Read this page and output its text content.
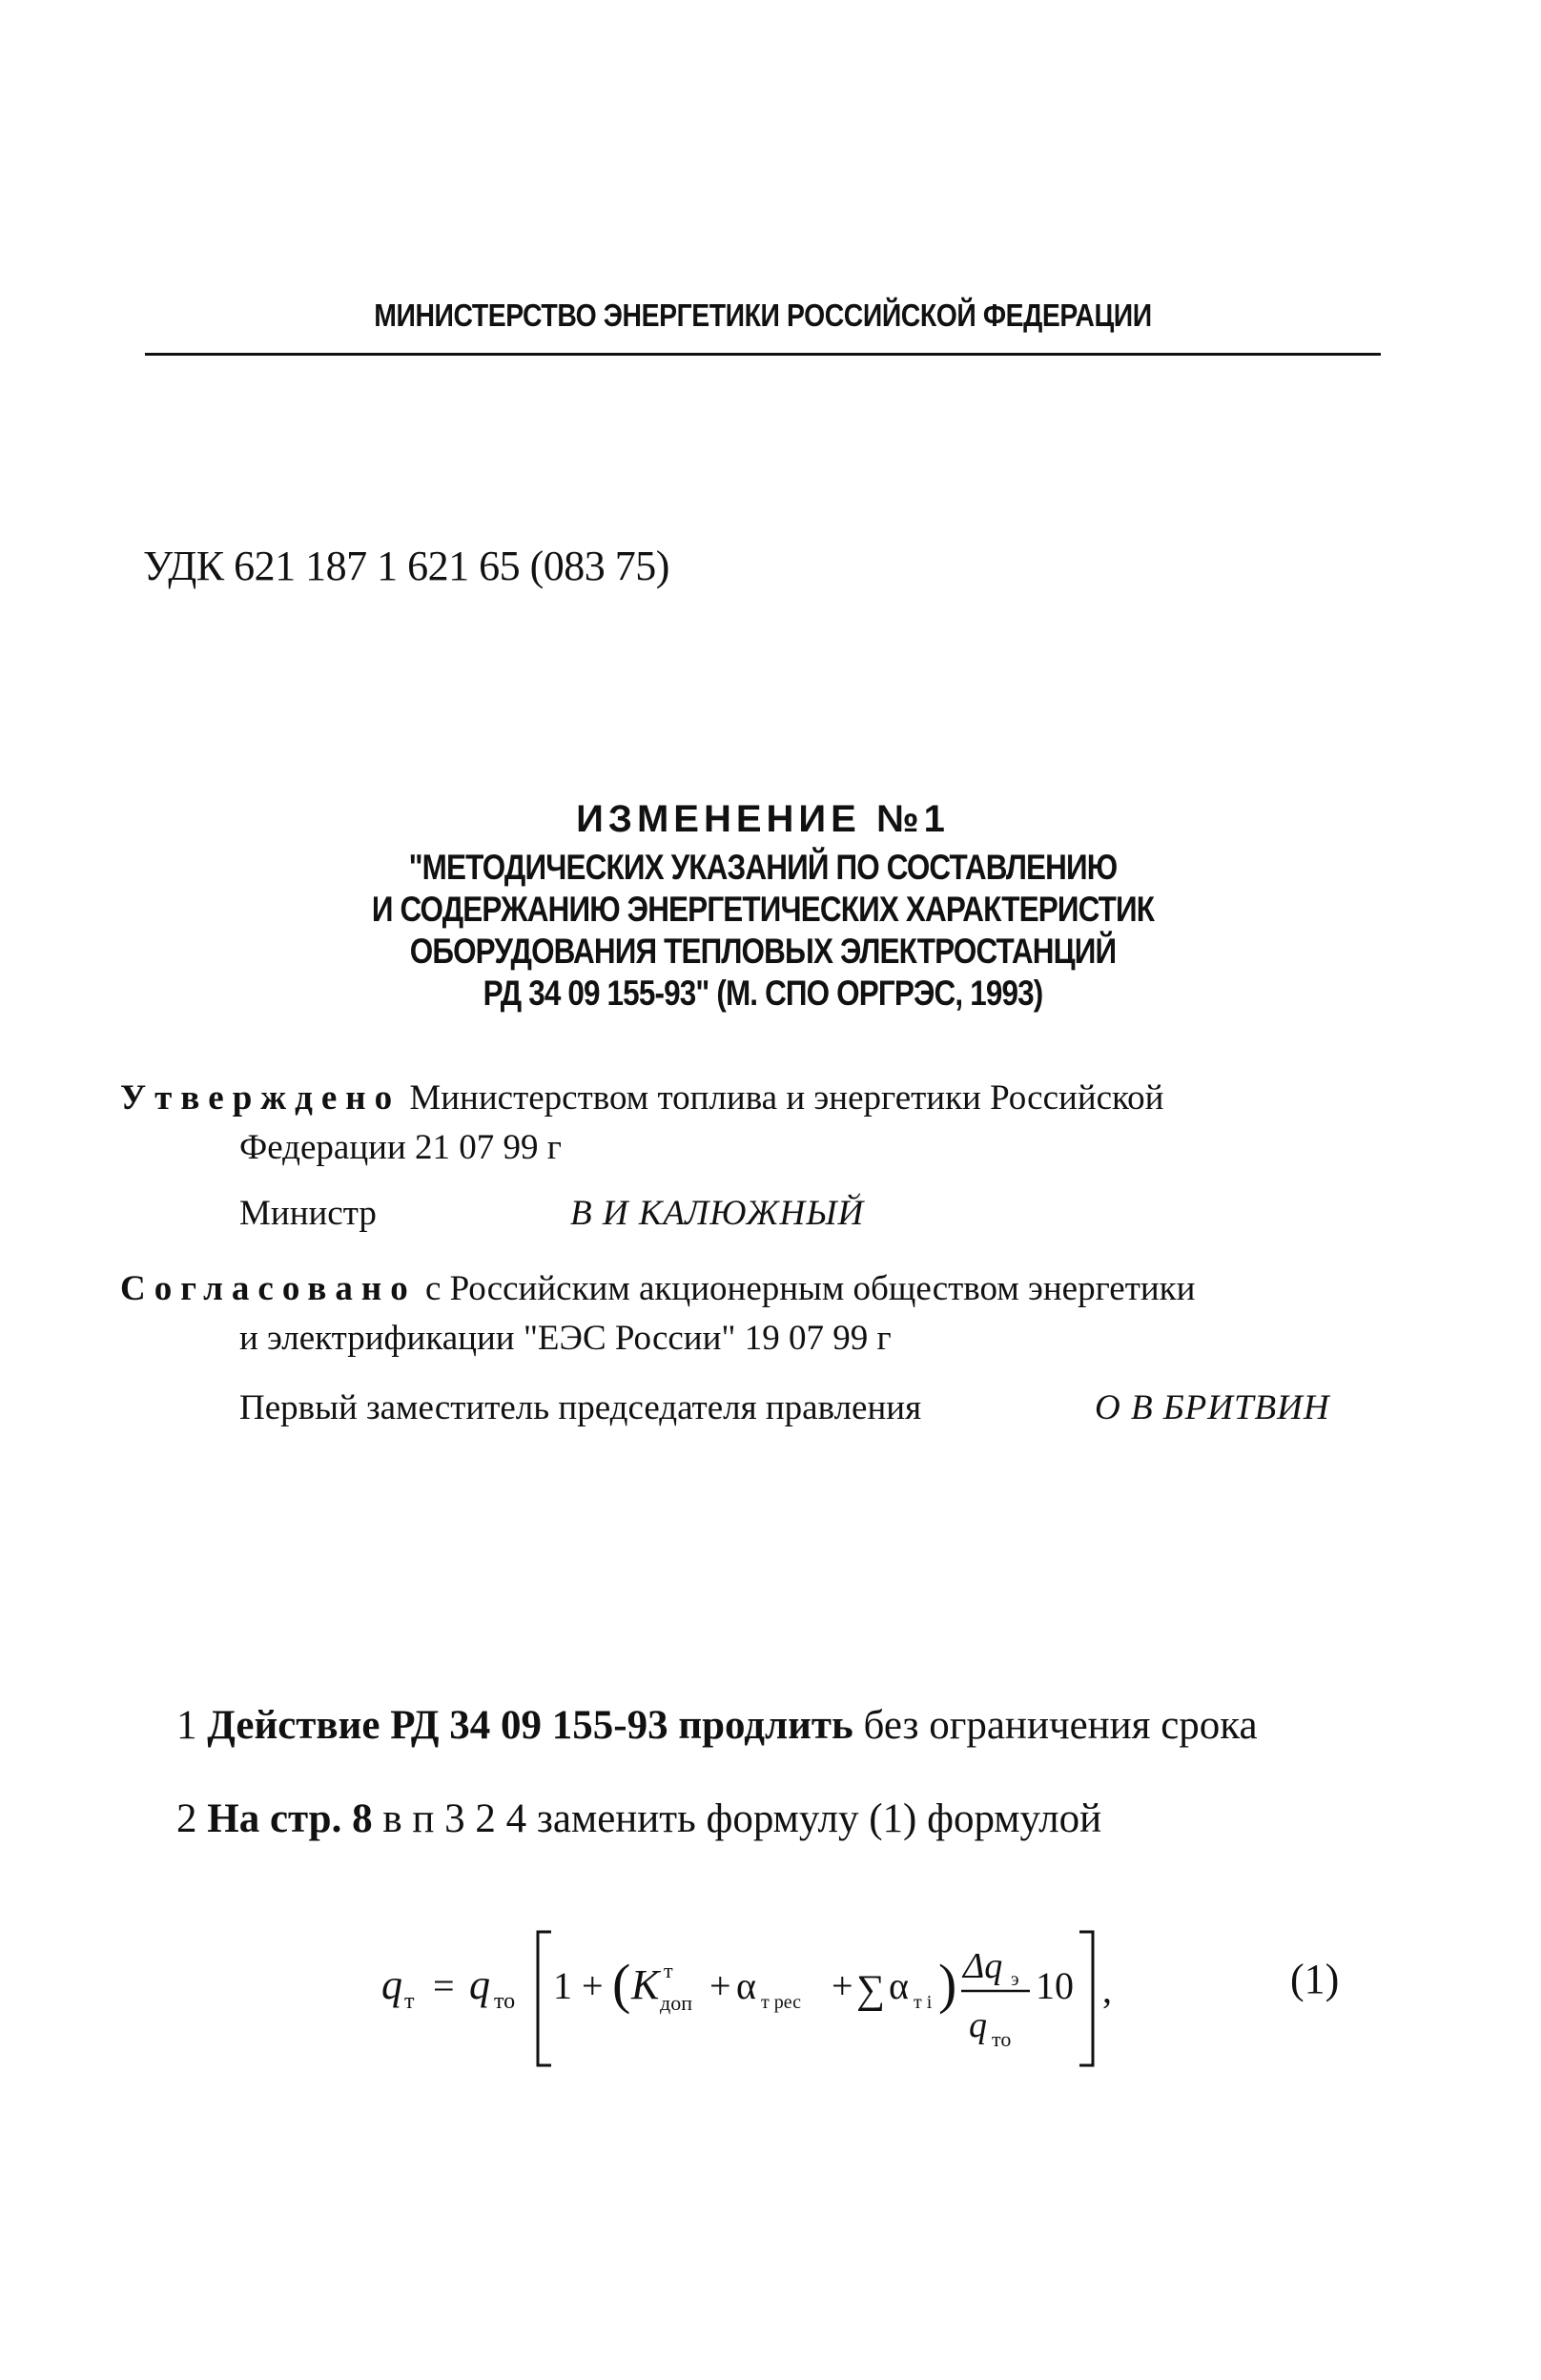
МИНИСТЕРСТВО ЭНЕРГЕТИКИ РОССИЙСКОЙ ФЕДЕРАЦИИ
УДК 621 187 1 621 65 (083 75)
ИЗМЕНЕНИЕ №1
"МЕТОДИЧЕСКИХ УКАЗАНИЙ ПО СОСТАВЛЕНИЮ
И СОДЕРЖАНИЮ ЭНЕРГЕТИЧЕСКИХ ХАРАКТЕРИСТИК
ОБОРУДОВАНИЯ ТЕПЛОВЫХ ЭЛЕКТРОСТАНЦИЙ
РД 34 09 155-93" (М. СПО ОРГРЭС, 1993)
Утверждено Министерством топлива и энергетики Российской
Федерации 21 07 99 г
Министр	В И КАЛЮЖНЫЙ
Согласовано с Российским акционерным обществом энергетики
и электрификации "ЕЭС России" 19 07 99 г
Первый заместитель председателя правления	О В БРИТВИН
1 Действие РД 34 09 155-93 продлить без ограничения срока
2 На стр. 8 в п 3 2 4 заменить формулу (1) формулой
q т = q то 1 + ( K т
доп + α т рес + ∑ α т i ) Δq э
q то
10 ,	(1)
